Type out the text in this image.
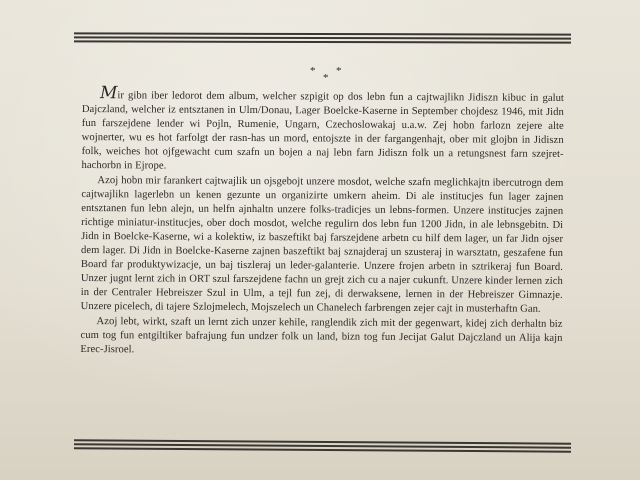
*
*
*

Mir gibn iber ledorot dem album, welcher szpigit op dos lebn fun a cajtwajlikn Jidiszn kibuc in galut Dajczland, welcher iz entsztanen in Ulm/Donau, Lager Boelcke-Kaserne in September chojdesz 1946, mit Jidn fun farszejdene lender wi Pojln, Rumenie, Ungarn, Czechoslowakaj u.a.w. Zej hobn farlozn zejere alte wojnerter, wu es hot farfolgt der rasn-has un mord, entojszte in der fargangenhajt, ober mit glojbn in Jidiszn folk, weiches hot ojfgewacht cum szafn un bojen a naj lebn farn Jidiszn folk un a retungsnest farn szejret-hachorbn in Ejrope.

Azoj hobn mir farankert cajtwajlik un ojsgebojt unzere mosdot, welche szafn meglichkajtn ibercutrogn dem cajtwajlikn lagerlebn un kenen gezunte un organizirte umkern aheim. Di ale institucjes fun lager zajnen entsztanen fun lebn alejn, un helfn ajnhaltn unzere folks-tradicjes un lebns-formen. Unzere institucjes zajnen richtige miniatur-institucjes, ober doch mosdot, welche regulirn dos lebn fun 1200 Jidn, in ale lebnsgebitn. Di Jidn in Boelcke-Kaserne, wi a kolektiw, iz baszeftikt baj farszejdene arbetn cu hilf dem lager, un far Jidn ojser dem lager. Di Jidn in Boelcke-Kaserne zajnen baszeftikt baj sznajderaj un szusteraj in warsztatn, geszafene fun Board far produktywizacje, un baj tiszleraj un leder-galanterie. Unzere frojen arbetn in sztrikeraj fun Board. Unzer jugnt lernt zich in ORT szul farszejdene fachn un grejt zich cu a najer cukunft. Unzere kinder lernen zich in der Centraler Hebreiszer Szul in Ulm, a tejl fun zej, di derwaksene, lernen in der Hebreiszer Gimnazje. Unzere picelech, di tajere Szlojmelech, Mojszelech un Chanelech farbrengen zejer cajt in musterhaftn Gan.

Azoj lebt, wirkt, szaft un lernt zich unzer kehile, ranglendik zich mit der gegenwart, kidej zich derhaltn biz cum tog fun entgiltiker bafrajung fun undzer folk un land, bizn tog fun Jecijat Galut Dajczland un Alija kajn Erec-Jisroel.
